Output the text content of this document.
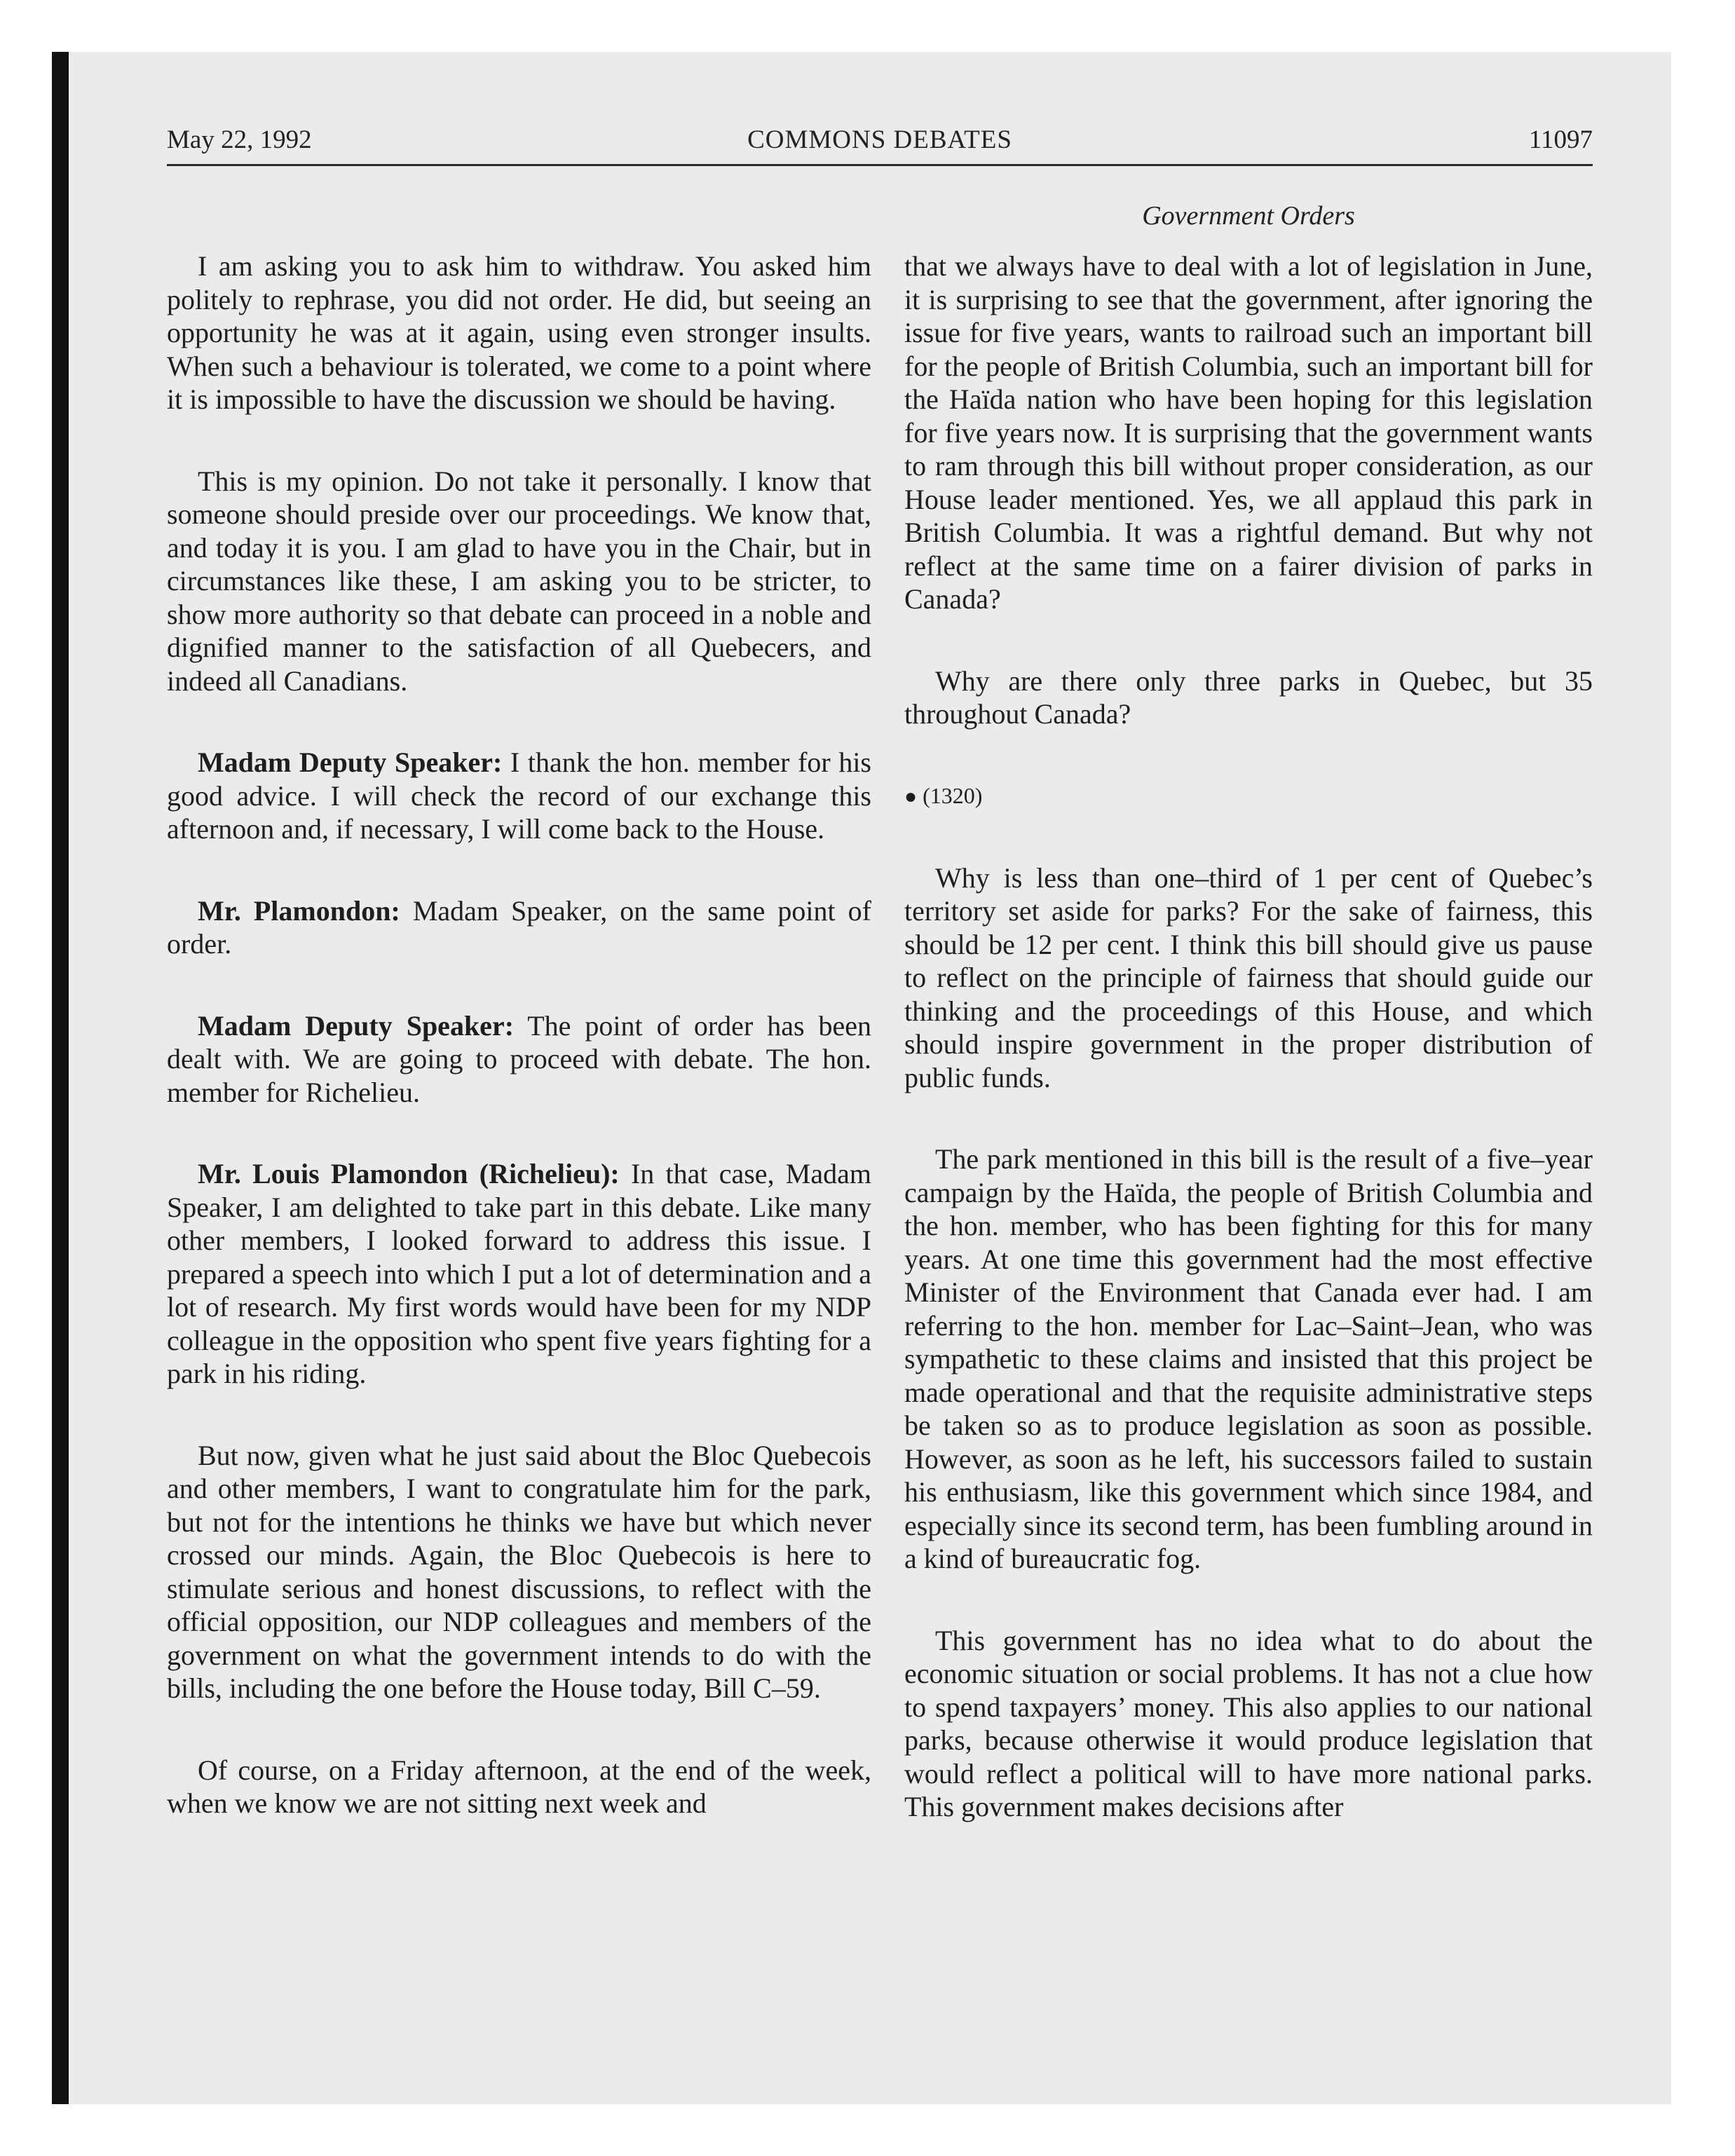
May 22, 1992	COMMONS DEBATES	11097
Government Orders

I am asking you to ask him to withdraw. You asked him politely to rephrase, you did not order. He did, but seeing an opportunity he was at it again, using even stronger insults. When such a behaviour is tolerated, we come to a point where it is impossible to have the discussion we should be having.

This is my opinion. Do not take it personally. I know that someone should preside over our proceedings. We know that, and today it is you. I am glad to have you in the Chair, but in circumstances like these, I am asking you to be stricter, to show more authority so that debate can proceed in a noble and dignified manner to the satisfaction of all Quebecers, and indeed all Canadians.

Madam Deputy Speaker: I thank the hon. member for his good advice. I will check the record of our exchange this afternoon and, if necessary, I will come back to the House.

Mr. Plamondon: Madam Speaker, on the same point of order.

Madam Deputy Speaker: The point of order has been dealt with. We are going to proceed with debate. The hon. member for Richelieu.

Mr. Louis Plamondon (Richelieu): In that case, Madam Speaker, I am delighted to take part in this debate. Like many other members, I looked forward to address this issue. I prepared a speech into which I put a lot of determination and a lot of research. My first words would have been for my NDP colleague in the opposition who spent five years fighting for a park in his riding.

But now, given what he just said about the Bloc Quebecois and other members, I want to congratulate him for the park, but not for the intentions he thinks we have but which never crossed our minds. Again, the Bloc Quebecois is here to stimulate serious and honest discussions, to reflect with the official opposition, our NDP colleagues and members of the government on what the government intends to do with the bills, including the one before the House today, Bill C–59.

Of course, on a Friday afternoon, at the end of the week, when we know we are not sitting next week and

that we always have to deal with a lot of legislation in June, it is surprising to see that the government, after ignoring the issue for five years, wants to railroad such an important bill for the people of British Columbia, such an important bill for the Haïda nation who have been hoping for this legislation for five years now. It is surprising that the government wants to ram through this bill without proper consideration, as our House leader mentioned. Yes, we all applaud this park in British Columbia. It was a rightful demand. But why not reflect at the same time on a fairer division of parks in Canada?

Why are there only three parks in Quebec, but 35 throughout Canada?

● (1320)

Why is less than one–third of 1 per cent of Quebec’s territory set aside for parks? For the sake of fairness, this should be 12 per cent. I think this bill should give us pause to reflect on the principle of fairness that should guide our thinking and the proceedings of this House, and which should inspire government in the proper distribution of public funds.

The park mentioned in this bill is the result of a five–year campaign by the Haïda, the people of British Columbia and the hon. member, who has been fighting for this for many years. At one time this government had the most effective Minister of the Environment that Canada ever had. I am referring to the hon. member for Lac–Saint–Jean, who was sympathetic to these claims and insisted that this project be made operational and that the requisite administrative steps be taken so as to produce legislation as soon as possible. However, as soon as he left, his successors failed to sustain his enthusiasm, like this government which since 1984, and especially since its second term, has been fumbling around in a kind of bureaucratic fog.

This government has no idea what to do about the economic situation or social problems. It has not a clue how to spend taxpayers’ money. This also applies to our national parks, because otherwise it would produce legislation that would reflect a political will to have more national parks. This government makes decisions after
